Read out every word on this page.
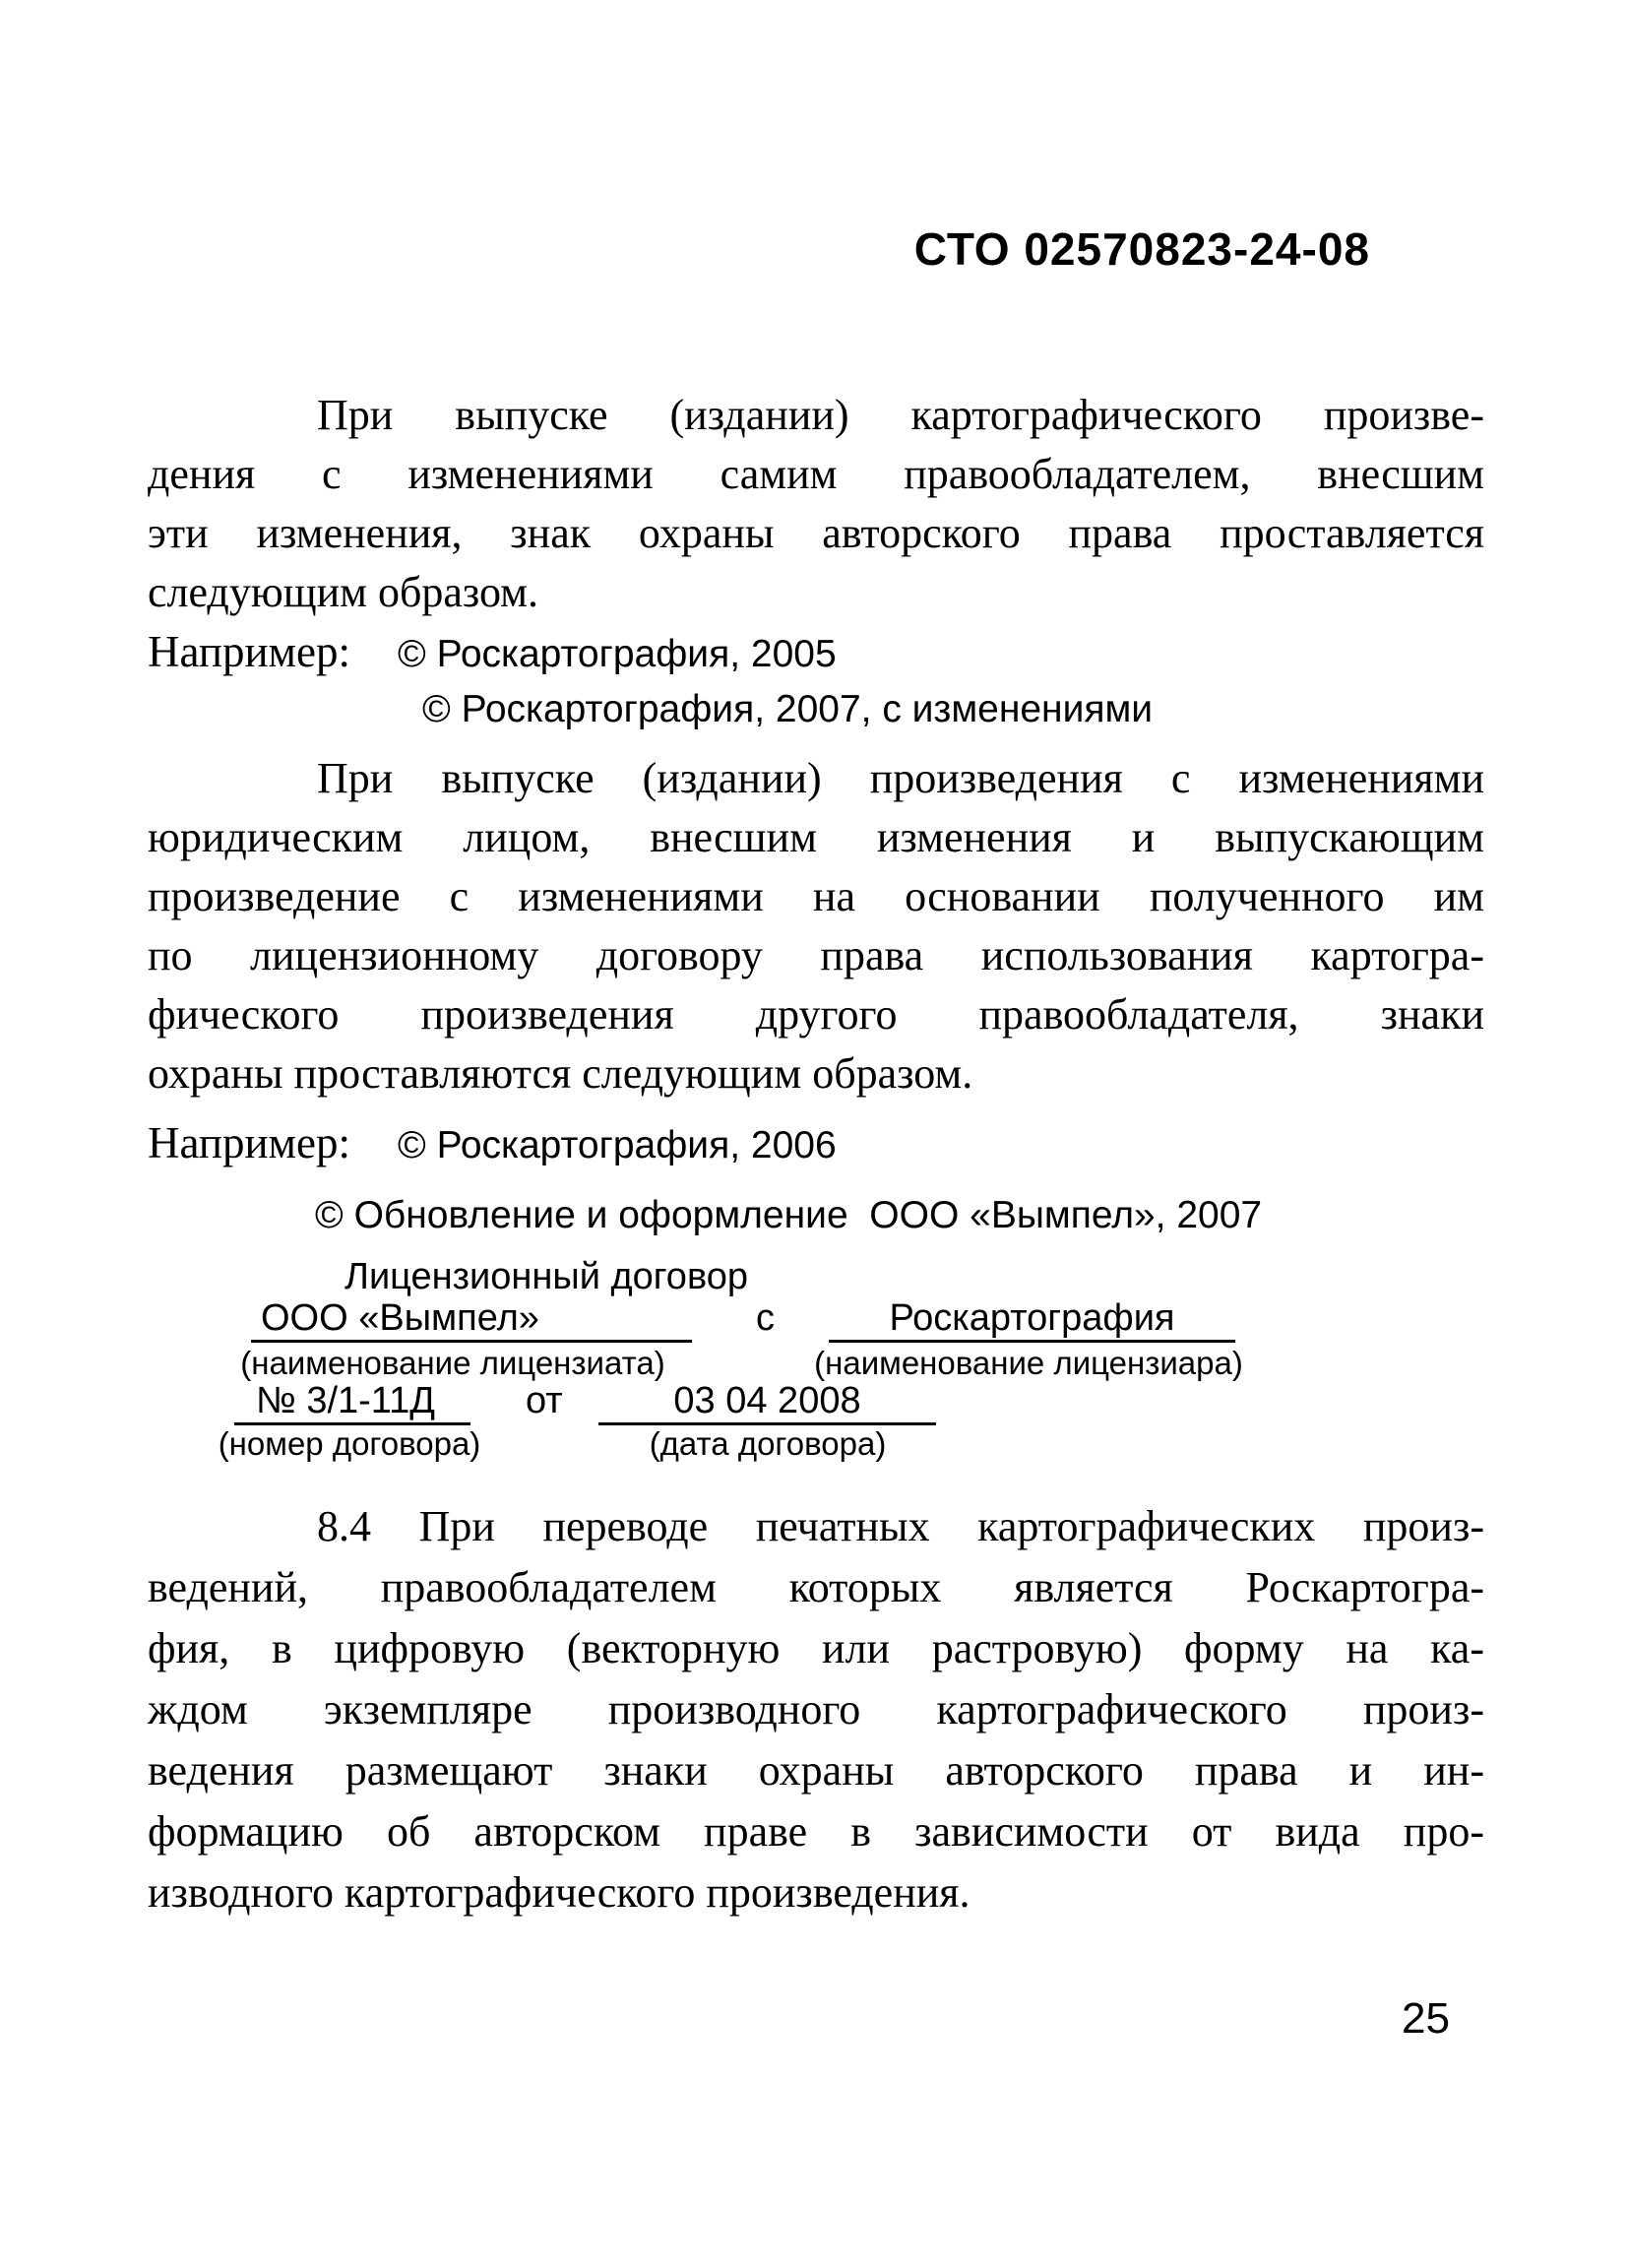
СТО 02570823-24-08
При выпуске (издании) картографического произве-
дения с изменениями самим правообладателем, внесшим
эти изменения, знак охраны авторского права проставляется
следующим образом.
Например: © Роскартография, 2005
© Роскартография, 2007, с изменениями
При выпуске (издании) произведения с изменениями
юридическим лицом, внесшим изменения и выпускающим
произведение с изменениями на основании полученного им
по лицензионному договору права использования картогра-
фического произведения другого правообладателя, знаки
охраны проставляются следующим образом.
Например: © Роскартография, 2006
© Обновление и оформление  ООО «Вымпел», 2007
Лицензионный договор
ООО «Вымпел»	с	Роскартография
(наименование лицензиата)	(наименование лицензиара)
№ 3/1-11Д	от	03 04 2008
(номер договора)	(дата договора)
8.4 При переводе печатных картографических произ-
ведений, правообладателем которых является Роскартогра-
фия, в цифровую (векторную или растровую) форму на ка-
ждом экземпляре производного картографического произ-
ведения размещают знаки охраны авторского права и ин-
формацию об авторском праве в зависимости от вида про-
изводного картографического произведения.
25
